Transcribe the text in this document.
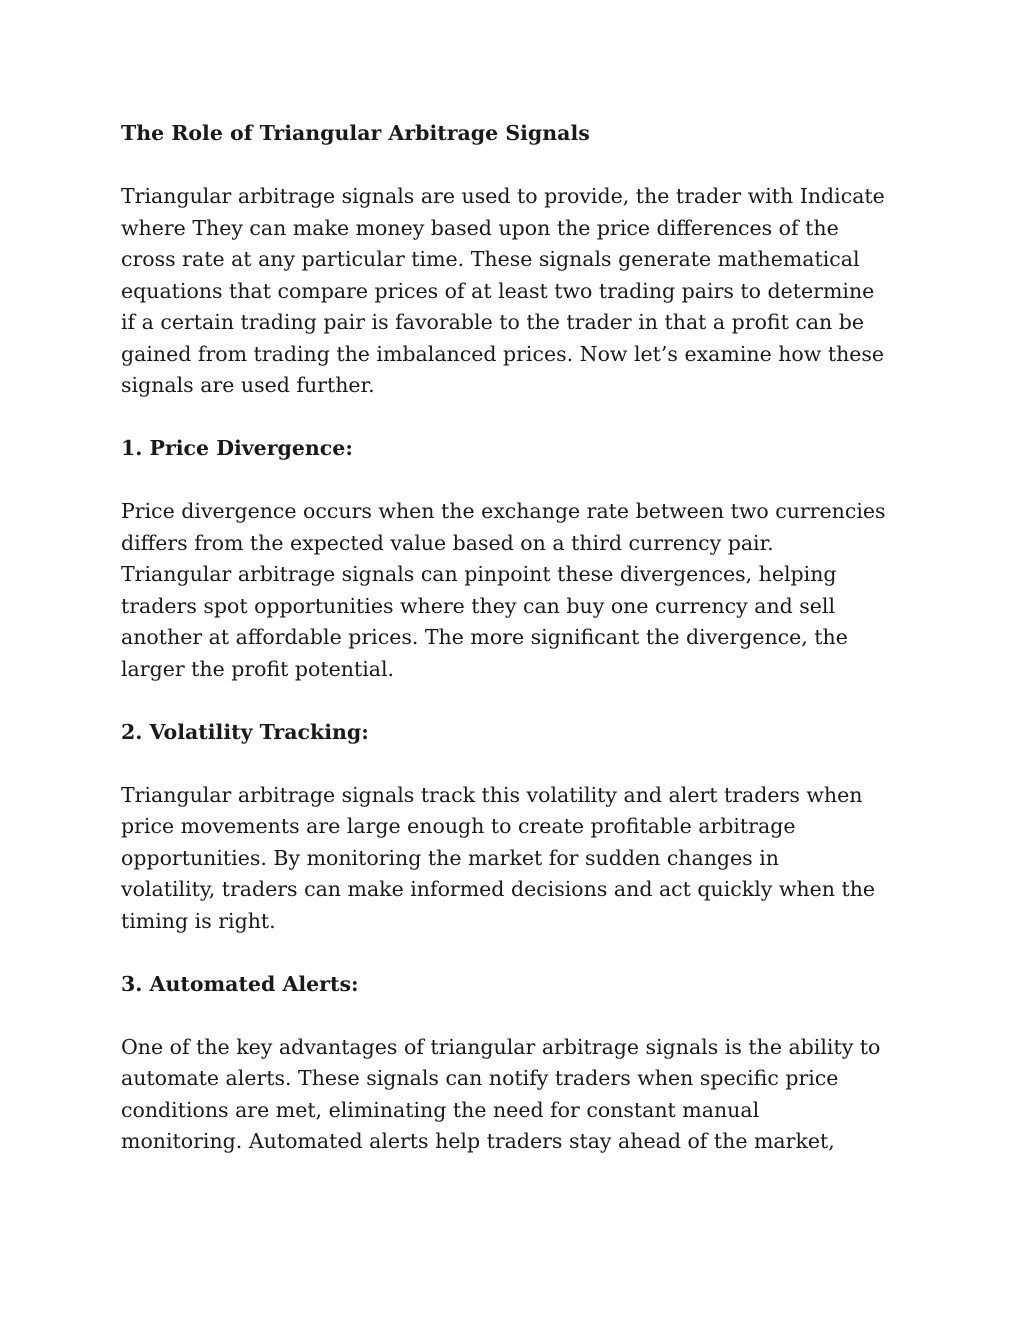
The Role of Triangular Arbitrage Signals
Triangular arbitrage signals are used to provide, the trader with Indicate
where They can make money based upon the price differences of the
cross rate at any particular time. These signals generate mathematical
equations that compare prices of at least two trading pairs to determine
if a certain trading pair is favorable to the trader in that a profit can be
gained from trading the imbalanced prices. Now let’s examine how these
signals are used further.
1. Price Divergence:
Price divergence occurs when the exchange rate between two currencies
differs from the expected value based on a third currency pair.
Triangular arbitrage signals can pinpoint these divergences, helping
traders spot opportunities where they can buy one currency and sell
another at affordable prices. The more significant the divergence, the
larger the profit potential.
2. Volatility Tracking:
Triangular arbitrage signals track this volatility and alert traders when
price movements are large enough to create profitable arbitrage
opportunities. By monitoring the market for sudden changes in
volatility, traders can make informed decisions and act quickly when the
timing is right.
3. Automated Alerts:
One of the key advantages of triangular arbitrage signals is the ability to
automate alerts. These signals can notify traders when specific price
conditions are met, eliminating the need for constant manual
monitoring. Automated alerts help traders stay ahead of the market,
